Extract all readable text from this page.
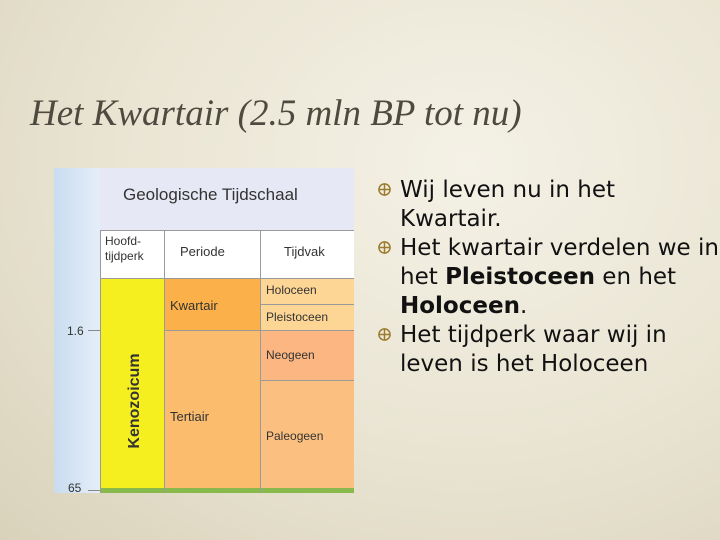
Het Kwartair (2.5 mln BP tot nu)
Geologische Tijdschaal
Hoofd-
tijdperk	Periode	Tijdvak
Kwartair
Tertiair
Holoceen
Pleistoceen
Neogeen
Paleogeen
1.6
65
Kenozoicum
Wij leven nu in het Kwartair.
Het kwartair verdelen we in het Pleistoceen en het Holoceen.
Het tijdperk waar wij in leven is het Holoceen
